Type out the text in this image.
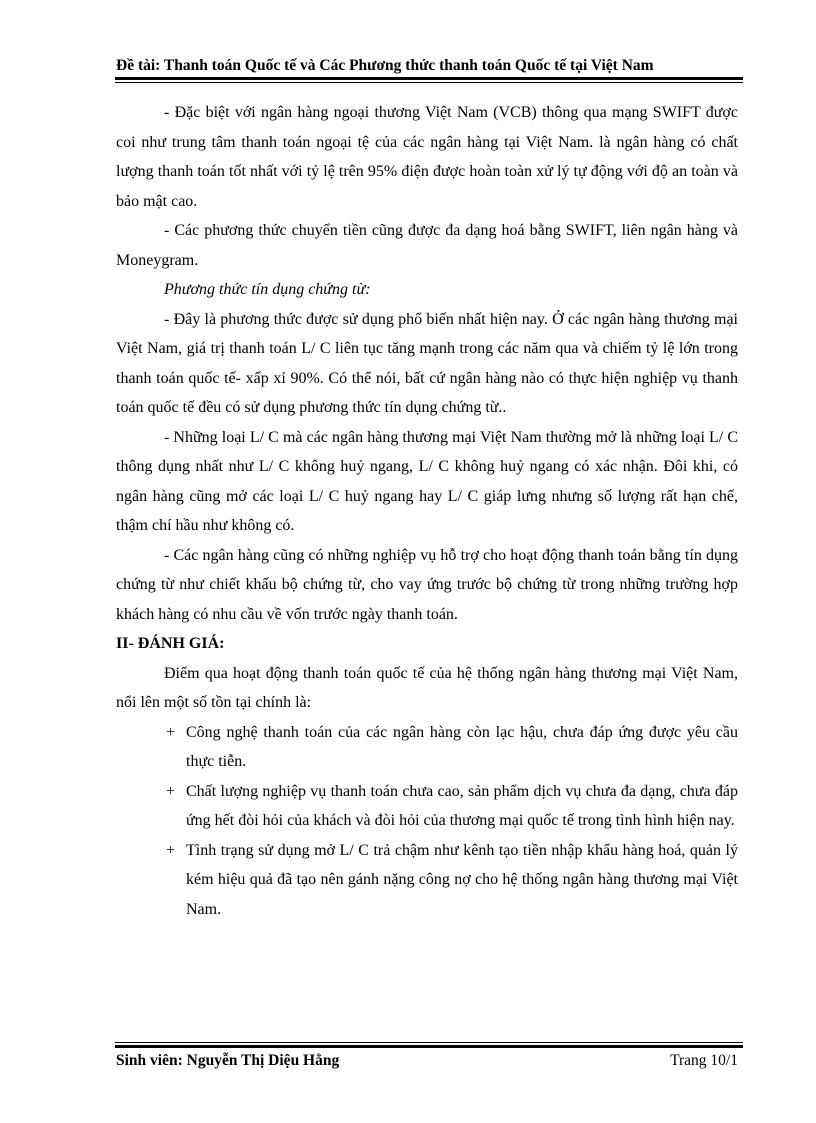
Đề tài: Thanh toán Quốc tế và Các Phương thức thanh toán Quốc tế tại Việt Nam

- Đặc biệt với ngân hàng ngoại thương Việt Nam (VCB) thông qua mạng SWIFT được coi như trung tâm thanh toán ngoại tệ của các ngân hàng tại Việt Nam. là ngân hàng có chất lượng thanh toán tốt nhất với tỷ lệ trên 95% điện được hoàn toàn xử lý tự động với độ an toàn và bảo mật cao.

- Các phương thức chuyển tiền cũng được đa dạng hoá bằng SWIFT, liên ngân hàng và Moneygram.

Phương thức tín dụng chứng từ:

- Đây là phương thức được sử dụng phổ biến nhất hiện nay. Ở các ngân hàng thương mại Việt Nam, giá trị thanh toán L/ C liên tục tăng mạnh trong các năm qua và chiếm tỷ lệ lớn trong thanh toán quốc tế- xấp xỉ 90%. Có thể nói, bất cứ ngân hàng nào có thực hiện nghiệp vụ thanh toán quốc tế đều có sử dụng phương thức tín dụng chứng từ..

- Những loại L/ C mà các ngân hàng thương mại Việt Nam thường mở là những loại L/ C thông dụng nhất như L/ C không huỷ ngang, L/ C không huỷ ngang có xác nhận. Đôi khi, có ngân hàng cũng mở các loại L/ C huỷ ngang hay L/ C giáp lưng nhưng số lượng rất hạn chế, thậm chí hầu như không có.

- Các ngân hàng cũng có những nghiệp vụ hỗ trợ cho hoạt động thanh toán bằng tín dụng chứng từ như chiết khấu bộ chứng từ, cho vay ứng trước bộ chứng từ trong những trường hợp khách hàng có nhu cầu về vốn trước ngày thanh toán.

II- ĐÁNH GIÁ:

Điểm qua hoạt động thanh toán quốc tế của hệ thống ngân hàng thương mại Việt Nam, nổi lên một số tồn tại chính là:

+ Công nghệ thanh toán của các ngân hàng còn lạc hậu, chưa đáp ứng được yêu cầu thực tiễn.
+ Chất lượng nghiệp vụ thanh toán chưa cao, sản phẩm dịch vụ chưa đa dạng, chưa đáp ứng hết đòi hỏi của khách và đòi hỏi của thương mại quốc tế trong tình hình hiện nay.
+ Tình trạng sử dụng mở L/ C trả chậm như kênh tạo tiền nhập khẩu hàng hoá, quản lý kém hiệu quả đã tạo nên gánh nặng công nợ cho hệ thống ngân hàng thương mại Việt Nam.
Sinh viên: Nguyễn Thị Diệu Hằng	Trang 10/1
